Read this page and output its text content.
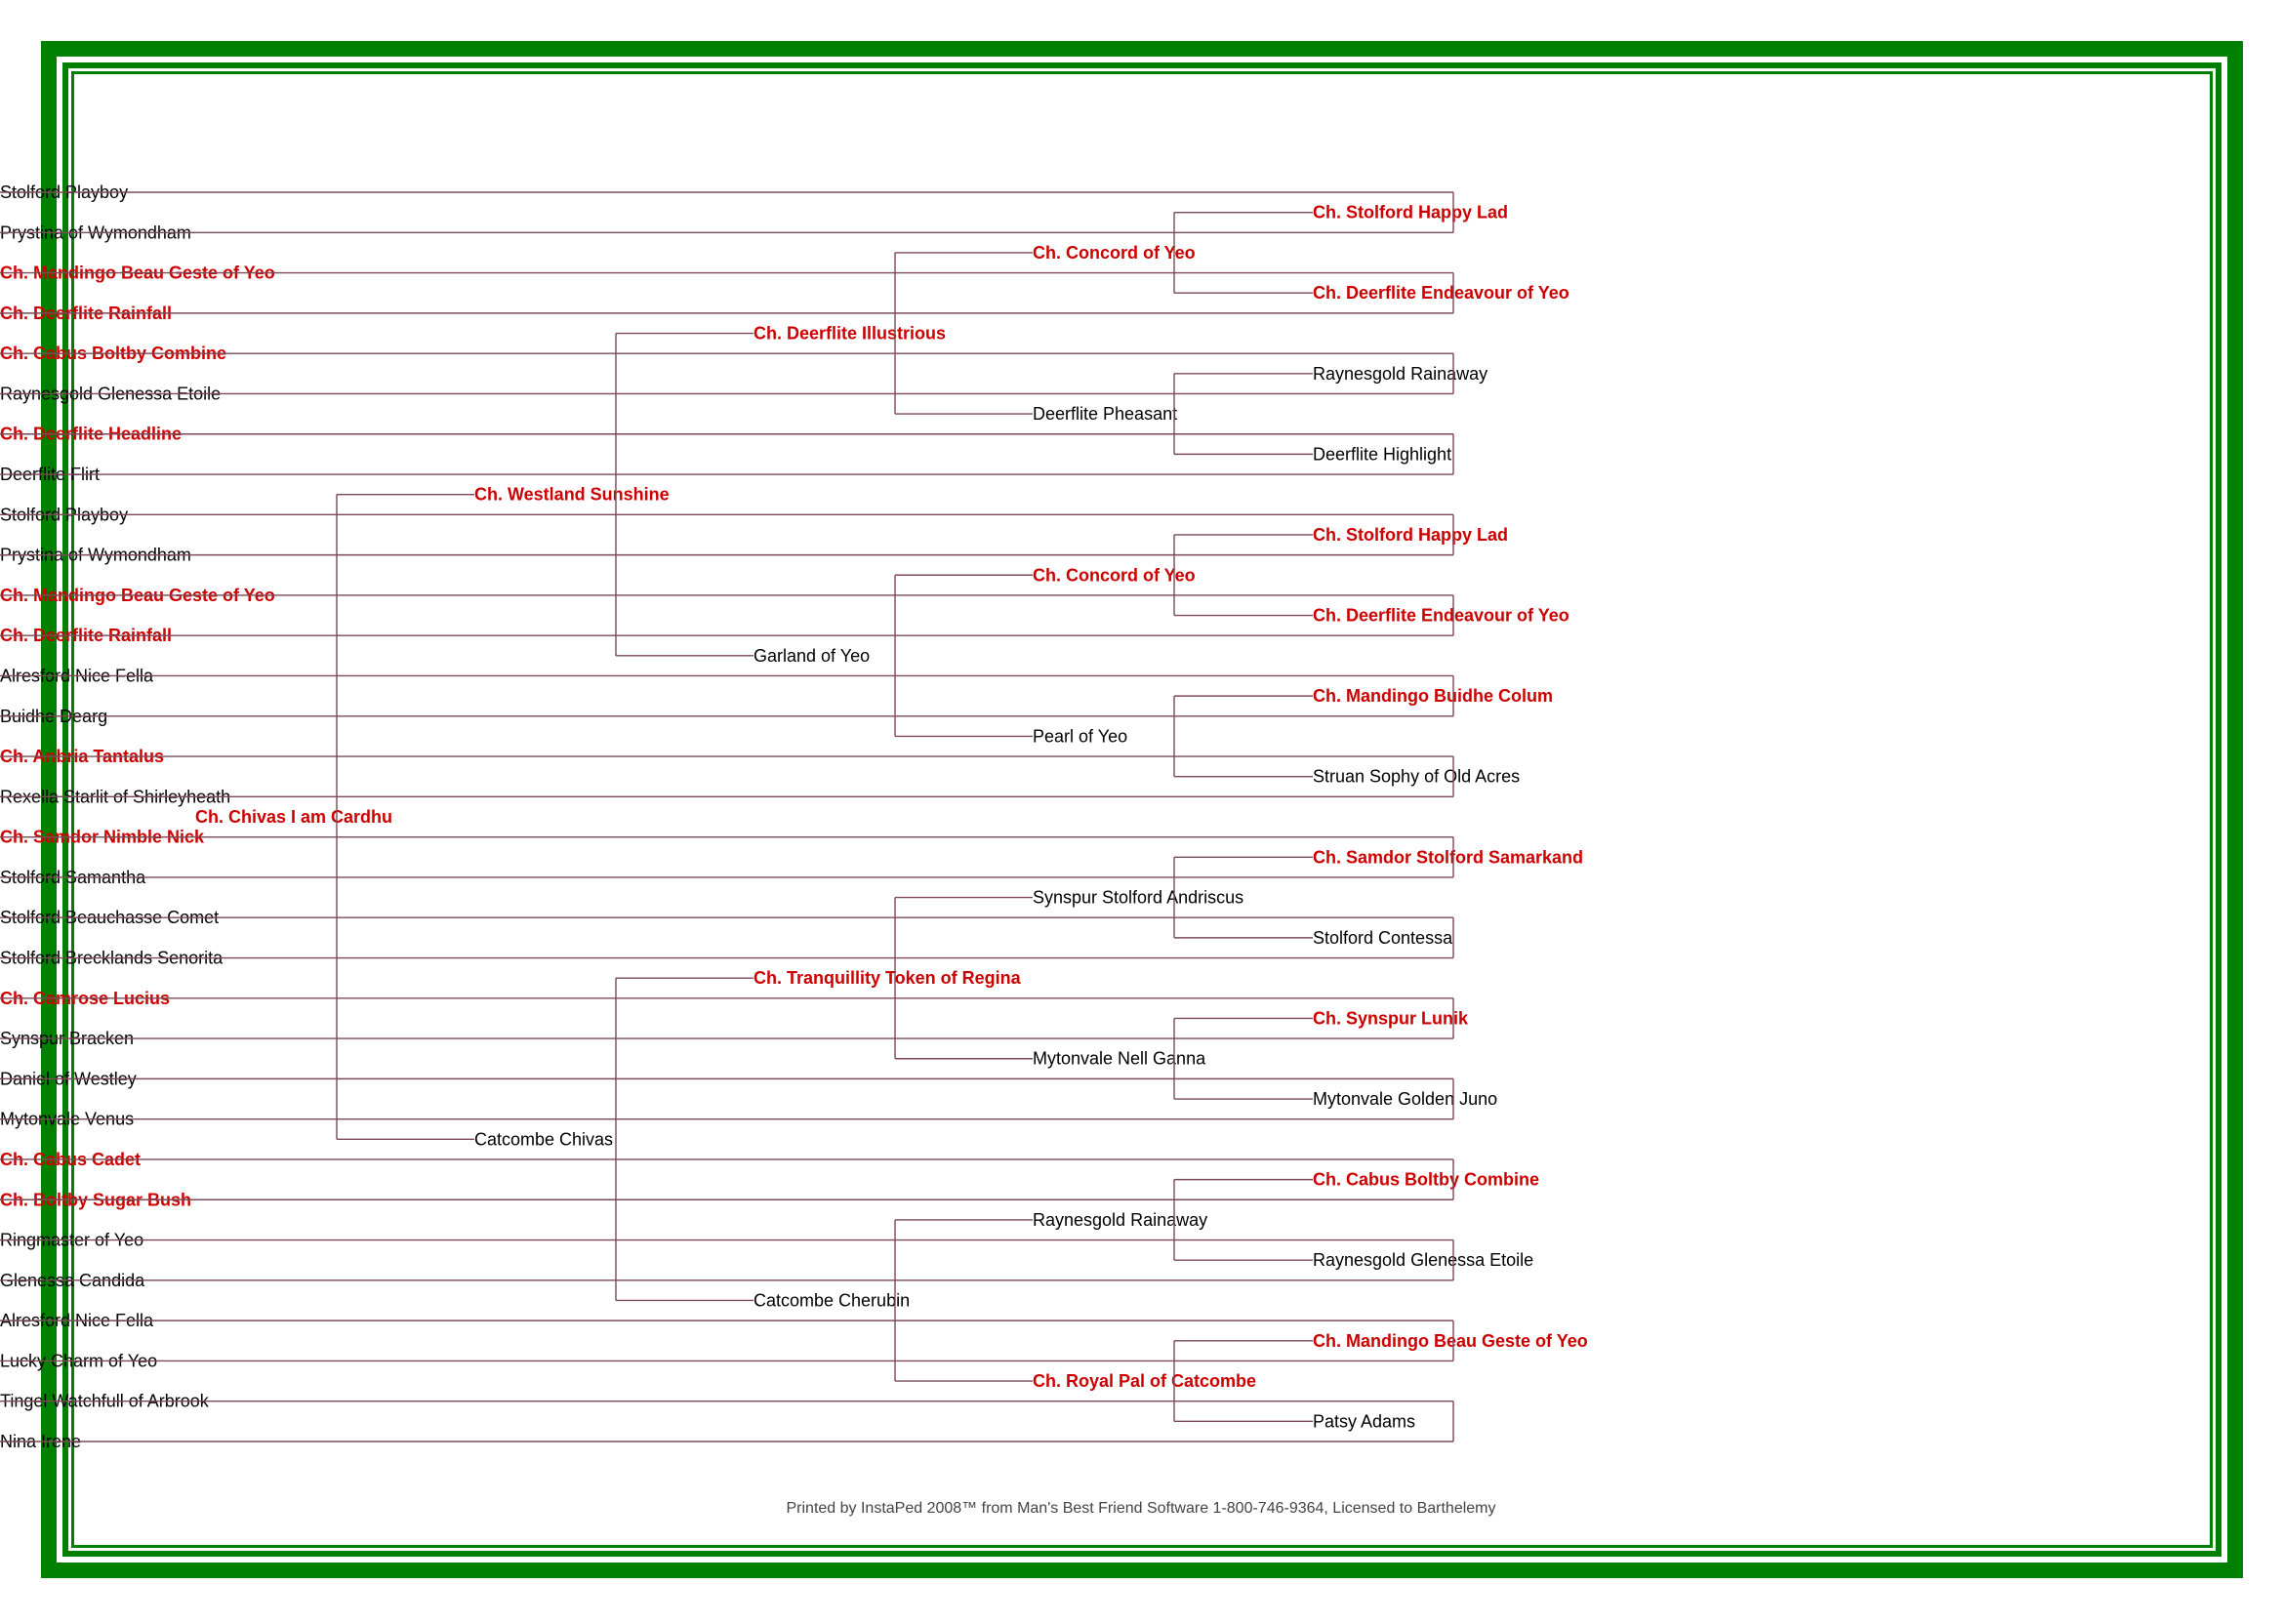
Ch. Chivas I am Cardhu
Ch. Westland Sunshine
Ch. Deerflite Illustrious
Ch. Concord of Yeo
Ch. Stolford Happy Lad
Stolford Playboy
Prystina of Wymondham
Ch. Deerflite Endeavour of Yeo
Ch. Mandingo Beau Geste of Yeo
Ch. Deerflite Rainfall
Deerflite Pheasant
Raynesgold Rainaway
Ch. Cabus Boltby Combine
Raynesgold Glenessa Etoile
Deerflite Highlight
Ch. Deerflite Headline
Deerflite Flirt
Garland of Yeo
Ch. Concord of Yeo
Ch. Stolford Happy Lad
Stolford Playboy
Prystina of Wymondham
Ch. Deerflite Endeavour of Yeo
Ch. Mandingo Beau Geste of Yeo
Ch. Deerflite Rainfall
Pearl of Yeo
Ch. Mandingo Buidhe Colum
Alresford Nice Fella
Buidhe Dearg
Struan Sophy of Old Acres
Ch. Anbria Tantalus
Rexella Starlit of Shirleyheath
Catcombe Chivas
Ch. Tranquillity Token of Regina
Synspur Stolford Andriscus
Ch. Samdor Stolford Samarkand
Ch. Samdor Nimble Nick
Stolford Samantha
Stolford Contessa
Stolford Beauchasse Comet
Stolford Brecklands Senorita
Mytonvale Nell Ganna
Ch. Synspur Lunik
Ch. Camrose Lucius
Synspur Bracken
Mytonvale Golden Juno
Daniel of Westley
Mytonvale Venus
Catcombe Cherubin
Raynesgold Rainaway
Ch. Cabus Boltby Combine
Ch. Cabus Cadet
Ch. Boltby Sugar Bush
Raynesgold Glenessa Etoile
Ringmaster of Yeo
Glenessa Candida
Ch. Royal Pal of Catcombe
Ch. Mandingo Beau Geste of Yeo
Alresford Nice Fella
Lucky Charm of Yeo
Patsy Adams
Tingel Watchfull of Arbrook
Nina Irene
Printed by InstaPed 2008™ from Man's Best Friend Software 1-800-746-9364, Licensed to Barthelemy
